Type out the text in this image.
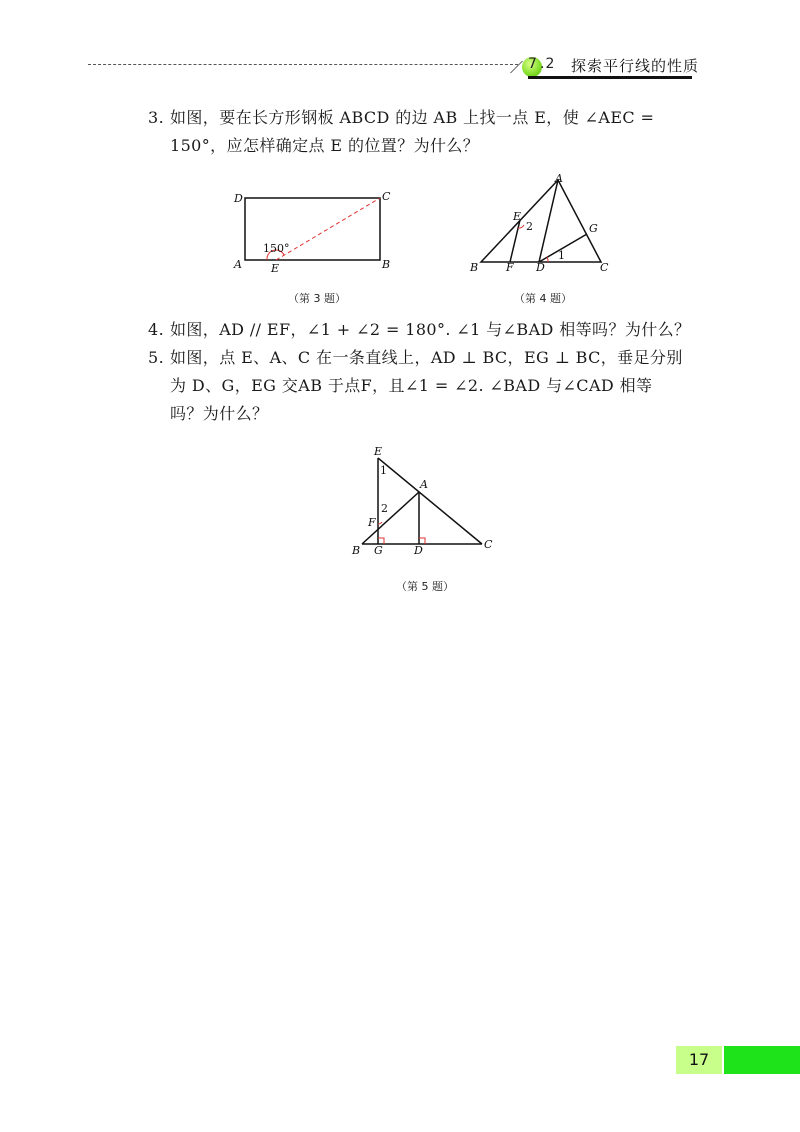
7 .2 探索平行线的性质
3. 如图，要在长方形钢板 ABCD 的边 AB 上找一点 E，使 ∠AEC =
150°，应怎样确定点 E 的位置？为什么？
D	C
A	B
E
150°
（第 3 题）
A
E
G
B	F D	C
2
1
（第 4 题）
4. 如图，AD // EF，∠1 + ∠2 = 180°. ∠1 与∠BAD 相等吗？为什么？
5. 如图，点 E、A、C 在一条直线上，AD ⊥ BC，EG ⊥ BC，垂足分别
为 D、G，EG 交AB 于点F，且∠1 = ∠2. ∠BAD 与∠CAD 相等
吗？为什么？
E
A
F
B G	D	C
1
2
（第 5 题）
17
